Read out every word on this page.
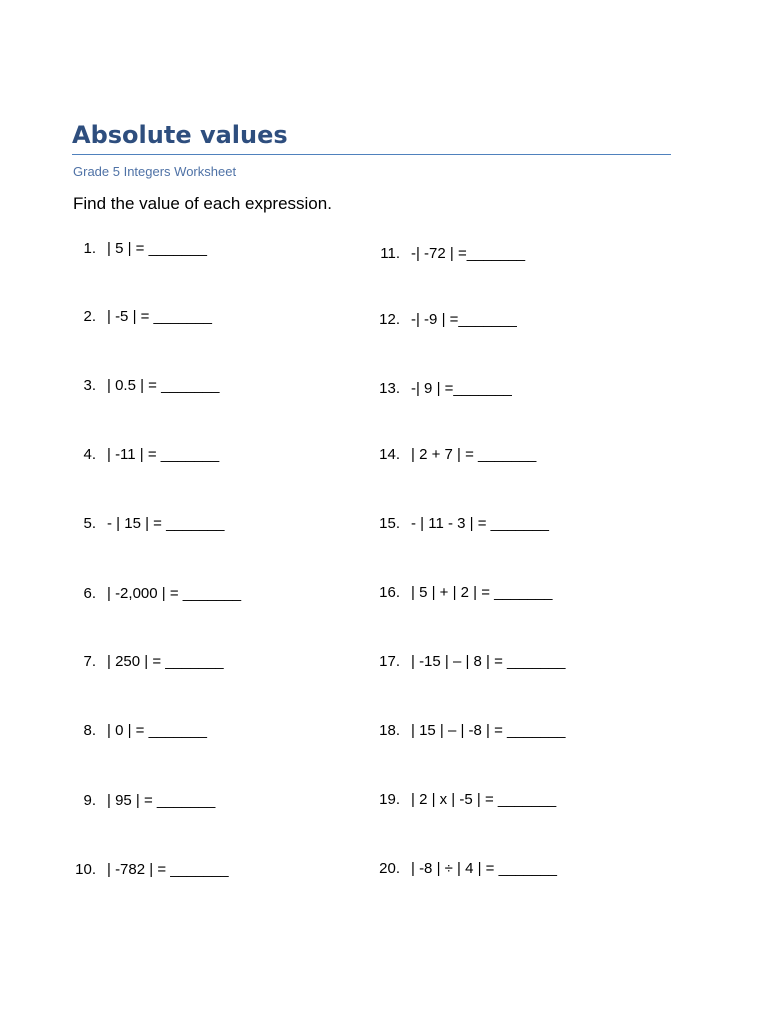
Absolute values
Grade 5 Integers Worksheet
Find the value of each expression.
1. | 5 | = _______
2. | -5 | = _______
3. | 0.5 | = _______
4. | -11 | = _______
5. - | 15 | = _______
6. | -2,000 | = _______
7. | 250 | = _______
8. | 0 | = _______
9. | 95 | = _______
10. | -782 | = _______
11. -| -72 | =_______
12. -| -9 | =_______
13. -| 9 | =_______
14. | 2 + 7 | = _______
15. - | 11 - 3 | = _______
16. | 5 | + | 2 | = _______
17. | -15 | – | 8 | = _______
18. | 15 | – | -8 | = _______
19. | 2 | x | -5 | = _______
20. | -8 | ÷ | 4 | = _______
